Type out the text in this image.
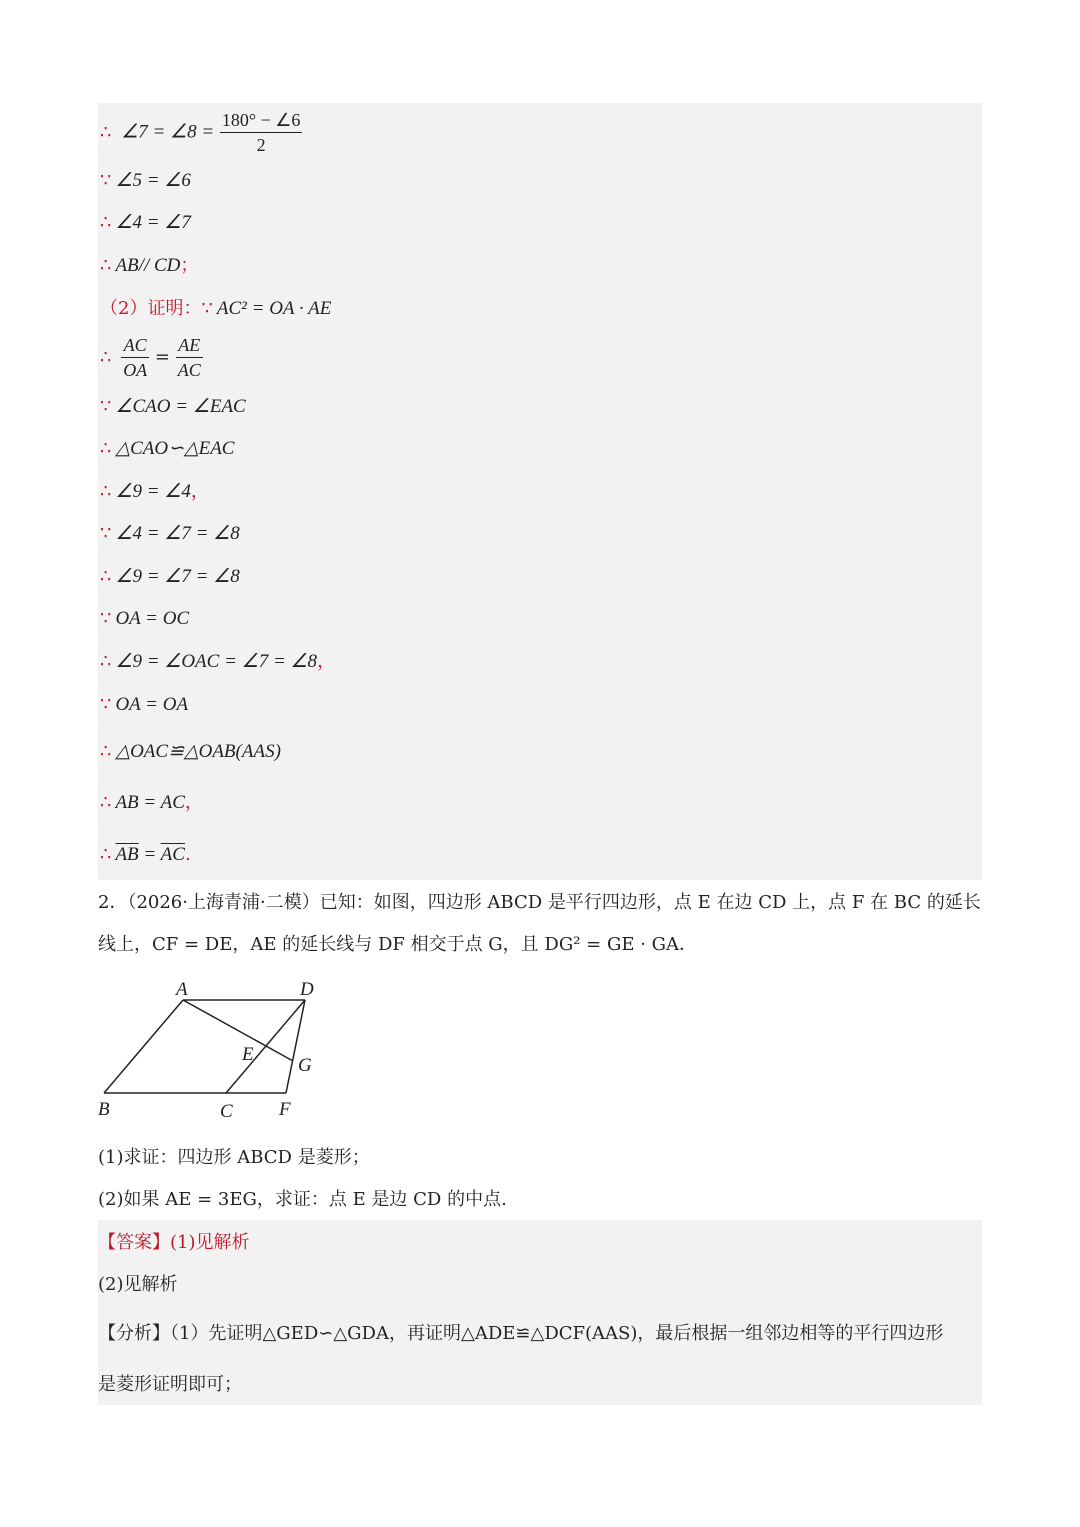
∴ ∠7 = ∠8 = $\frac{180^\circ - \angle 6}{2}$
∵ ∠5 = ∠6
∴ ∠4 = ∠7
∴ AB// CD；
（2）证明：∵ AC² = OA · AE
∴ $\frac{AC}{OA} = \frac{AE}{AC}$
∵ ∠CAO = ∠EAC
∴ △CAO∽△EAC
∴ ∠9 = ∠4，
∵ ∠4 = ∠7 = ∠8
∴ ∠9 = ∠7 = ∠8
∵ OA = OC
∴ ∠9 = ∠OAC = ∠7 = ∠8，
∵ OA = OA
∴ △OAC≌△OAB(AAS)
∴ AB = AC，
∴ $\overline{AB} = \overline{AC}$.
2．（2026·上海青浦·二模）已知：如图，四边形 ABCD 是平行四边形，点 E 在边 CD 上，点 F 在 BC 的延长
线上，CF = DE，AE 的延长线与 DF 相交于点 G，且 DG² = GE · GA．
A	D
E
G
B	C F
(1)求证：四边形 ABCD 是菱形；
(2)如果 AE = 3EG，求证：点 E 是边 CD 的中点.
【答案】(1)见解析
(2)见解析
【分析】（1）先证明△GED∽△GDA，再证明△ADE≌△DCF(AAS)，最后根据一组邻边相等的平行四边形
是菱形证明即可；
